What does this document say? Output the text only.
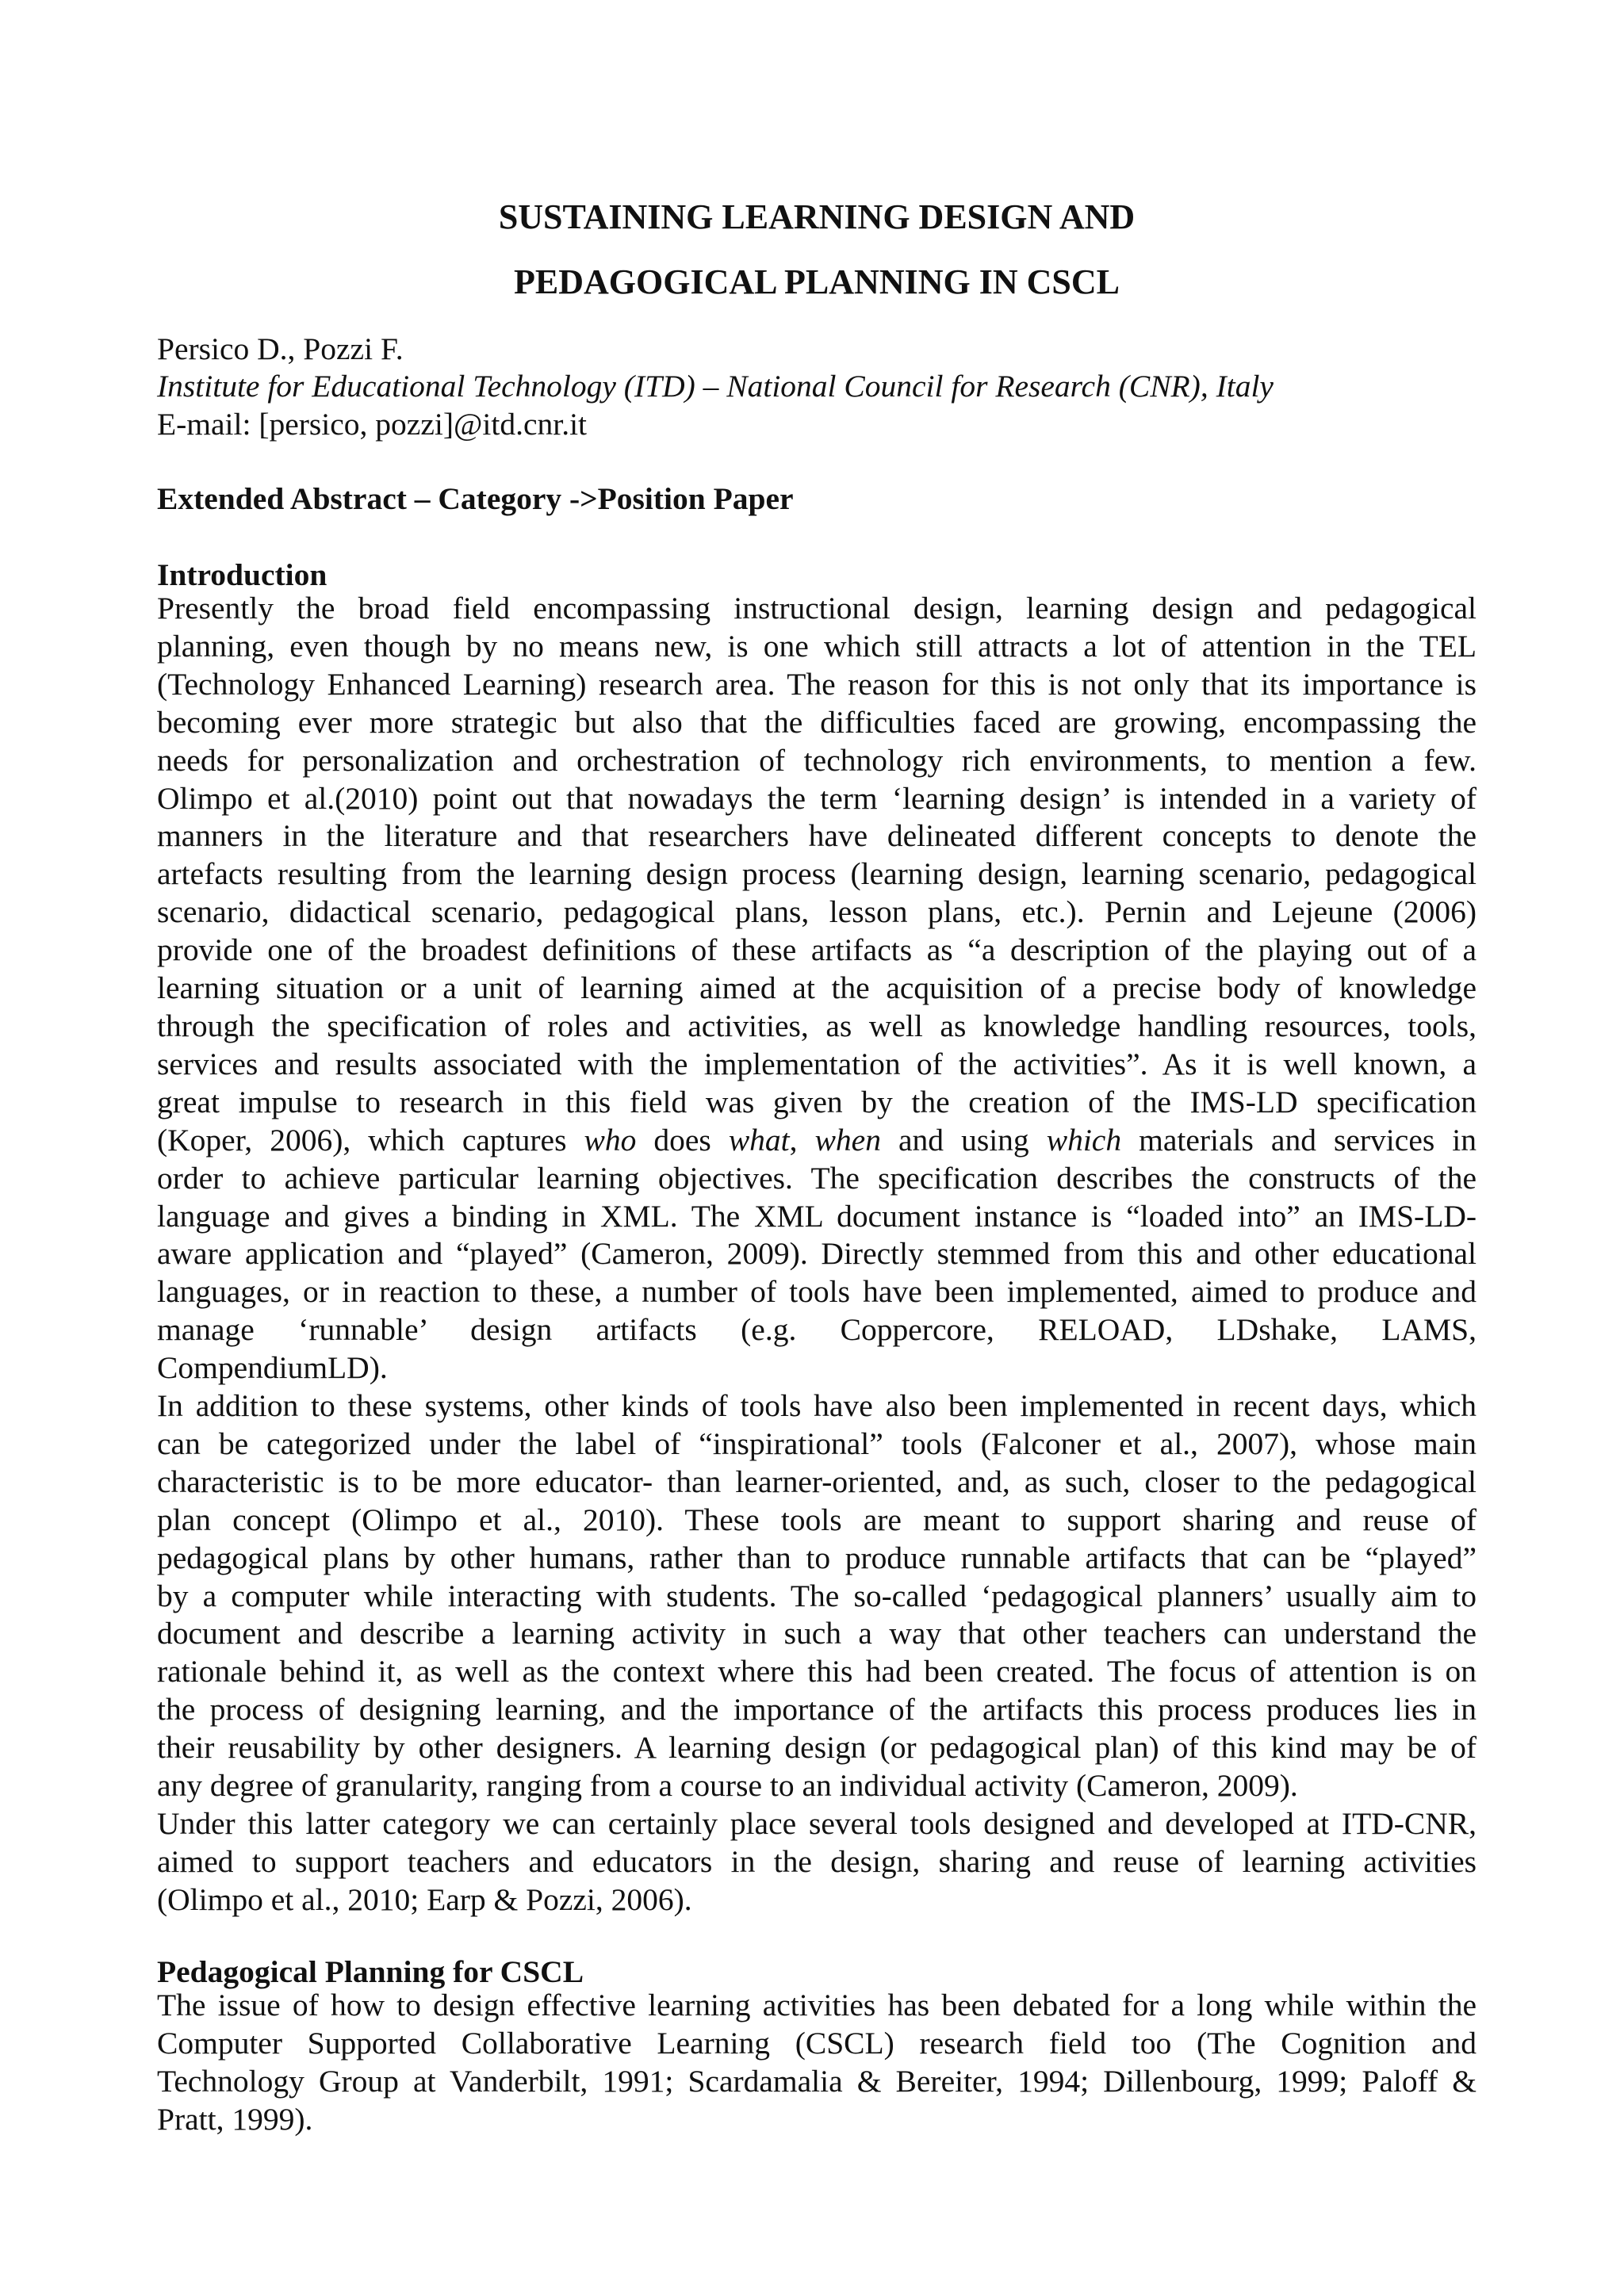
SUSTAINING LEARNING DESIGN AND
PEDAGOGICAL PLANNING IN CSCL

Persico D., Pozzi F.

Institute for Educational Technology (ITD) – National Council for Research (CNR), Italy

E-mail: [persico, pozzi]@itd.cnr.it

Extended Abstract – Category ->Position Paper

Introduction
Presently the broad field encompassing instructional design, learning design and pedagogical
planning, even though by no means new, is one which still attracts a lot of attention in the TEL
(Technology Enhanced Learning) research area. The reason for this is not only that its importance is
becoming ever more strategic but also that the difficulties faced are growing, encompassing the
needs for personalization and orchestration of technology rich environments, to mention a few.
Olimpo et al.(2010) point out that nowadays the term ‘learning design’ is intended in a variety of
manners in the literature and that researchers have delineated different concepts to denote the
artefacts resulting from the learning design process (learning design, learning scenario, pedagogical
scenario, didactical scenario, pedagogical plans, lesson plans, etc.). Pernin and Lejeune (2006)
provide one of the broadest definitions of these artifacts as “a description of the playing out of a
learning situation or a unit of learning aimed at the acquisition of a precise body of knowledge
through the specification of roles and activities, as well as knowledge handling resources, tools,
services and results associated with the implementation of the activities”. As it is well known, a
great impulse to research in this field was given by the creation of the IMS-LD specification
(Koper, 2006), which captures who does what, when and using which materials and services in
order to achieve particular learning objectives. The specification describes the constructs of the
language and gives a binding in XML. The XML document instance is “loaded into” an IMS-LD-
aware application and “played” (Cameron, 2009). Directly stemmed from this and other educational
languages, or in reaction to these, a number of tools have been implemented, aimed to produce and
manage ‘runnable’ design artifacts (e.g. Coppercore, RELOAD, LDshake, LAMS,
CompendiumLD).
In addition to these systems, other kinds of tools have also been implemented in recent days, which
can be categorized under the label of “inspirational” tools (Falconer et al., 2007), whose main
characteristic is to be more educator- than learner-oriented, and, as such, closer to the pedagogical
plan concept (Olimpo et al., 2010). These tools are meant to support sharing and reuse of
pedagogical plans by other humans, rather than to produce runnable artifacts that can be “played”
by a computer while interacting with students. The so-called ‘pedagogical planners’ usually aim to
document and describe a learning activity in such a way that other teachers can understand the
rationale behind it, as well as the context where this had been created. The focus of attention is on
the process of designing learning, and the importance of the artifacts this process produces lies in
their reusability by other designers. A learning design (or pedagogical plan) of this kind may be of
any degree of granularity, ranging from a course to an individual activity (Cameron, 2009).
Under this latter category we can certainly place several tools designed and developed at ITD-CNR,
aimed to support teachers and educators in the design, sharing and reuse of learning activities
(Olimpo et al., 2010; Earp & Pozzi, 2006).
Pedagogical Planning for CSCL
The issue of how to design effective learning activities has been debated for a long while within the
Computer Supported Collaborative Learning (CSCL) research field too (The Cognition and
Technology Group at Vanderbilt, 1991; Scardamalia & Bereiter, 1994; Dillenbourg, 1999; Paloff &
Pratt, 1999).
